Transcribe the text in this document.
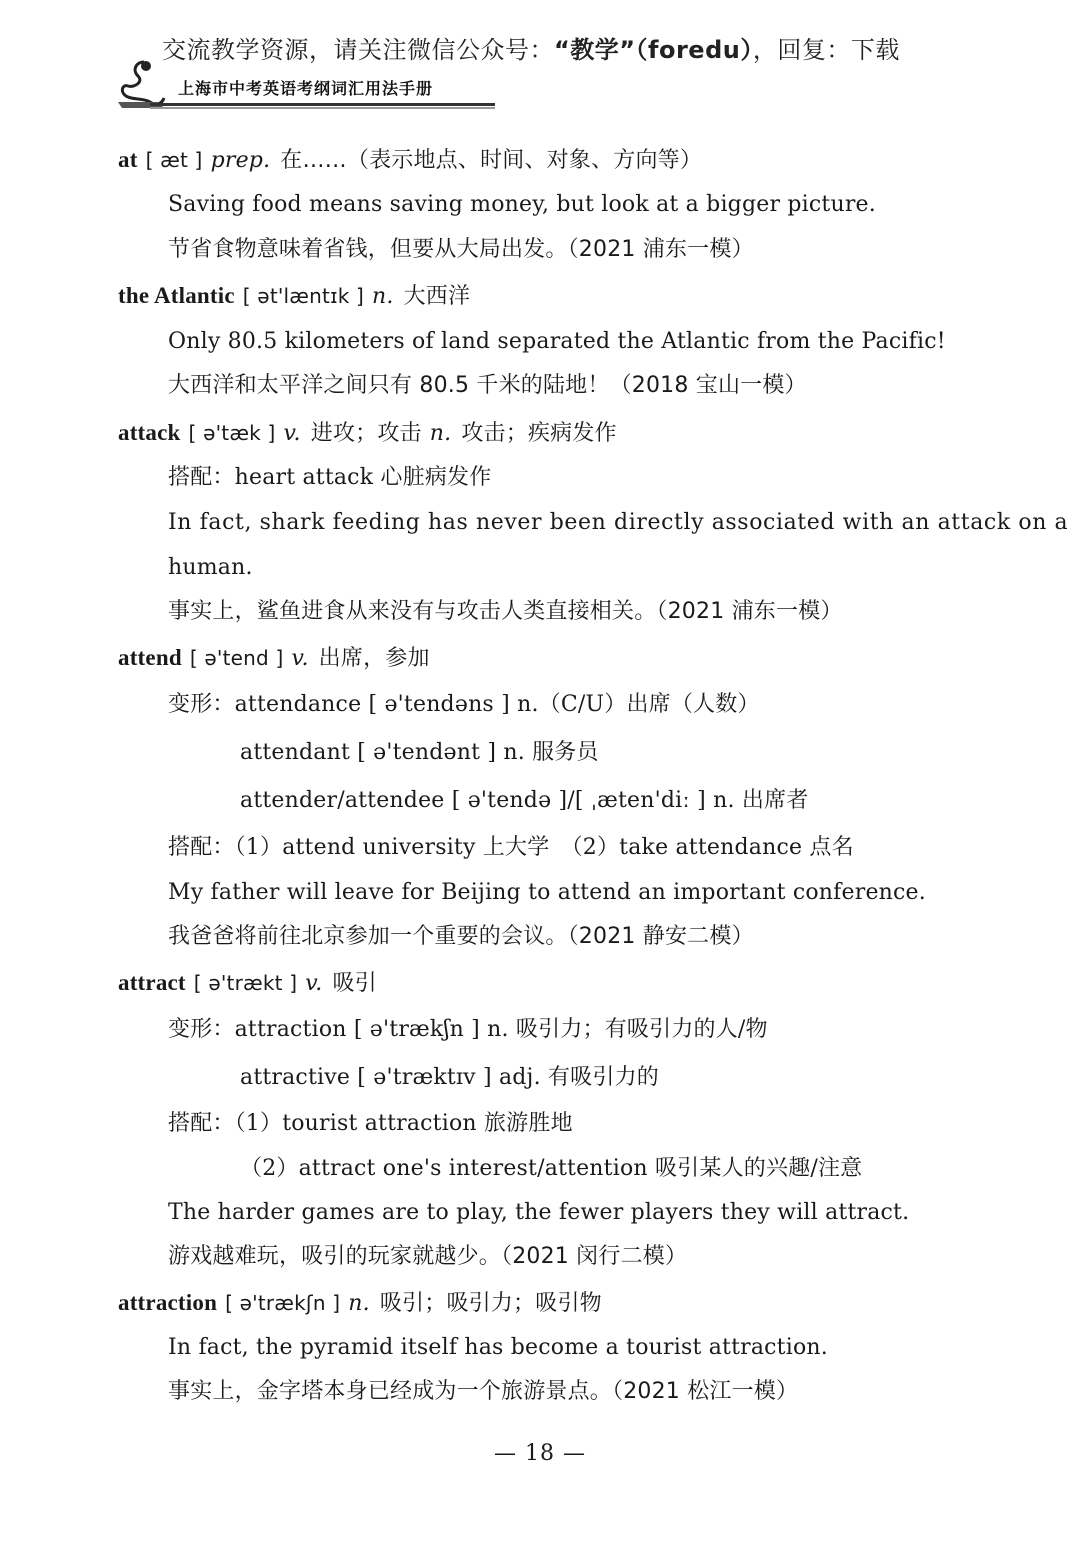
交流教学资源，请关注微信公众号：“教学”（foredu），回复：下载
上海市中考英语考纲词汇用法手册
at [ æt ] prep. 在……（表示地点、时间、对象、方向等）
Saving food means saving money, but look at a bigger picture.
节省食物意味着省钱，但要从大局出发。（2021 浦东一模）
the Atlantic [ ət'læntɪk ] n. 大西洋
Only 80.5 kilometers of land separated the Atlantic from the Pacific!
大西洋和太平洋之间只有 80.5 千米的陆地！（2018 宝山一模）
attack [ ə'tæk ] v. 进攻；攻击 n. 攻击；疾病发作
搭配：heart attack 心脏病发作
In fact, shark feeding has never been directly associated with an attack on a
human.
事实上，鲨鱼进食从来没有与攻击人类直接相关。（2021 浦东一模）
attend [ ə'tend ] v. 出席，参加
变形：attendance [ ə'tendəns ] n.（C/U）出席（人数）
attendant [ ə'tendənt ] n. 服务员
attender/attendee [ ə'tendə ]/[ ˌæten'diː ] n. 出席者
搭配：（1）attend university 上大学　（2）take attendance 点名
My father will leave for Beijing to attend an important conference.
我爸爸将前往北京参加一个重要的会议。（2021 静安二模）
attract [ ə'trækt ] v. 吸引
变形：attraction [ ə'trækʃn ] n. 吸引力；有吸引力的人/物
attractive [ ə'træktɪv ] adj. 有吸引力的
搭配：（1）tourist attraction 旅游胜地
（2）attract one's interest/attention 吸引某人的兴趣/注意
The harder games are to play, the fewer players they will attract.
游戏越难玩，吸引的玩家就越少。（2021 闵行二模）
attraction [ ə'trækʃn ] n. 吸引；吸引力；吸引物
In fact, the pyramid itself has become a tourist attraction.
事实上，金字塔本身已经成为一个旅游景点。（2021 松江一模）
— 18 —
